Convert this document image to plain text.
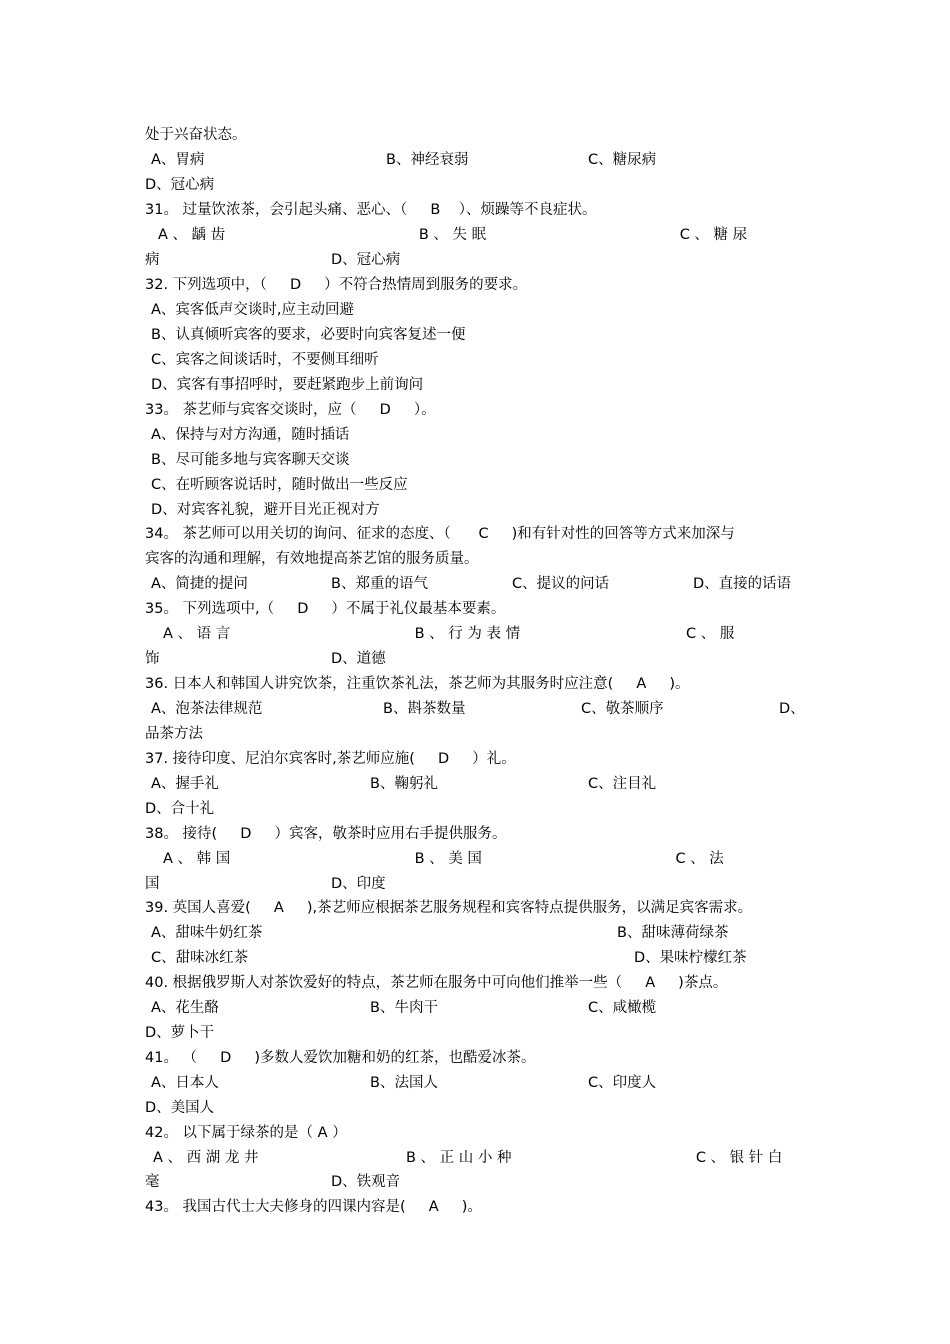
处于兴奋状态。
A、胃病	B、神经衰弱	C、糖尿病
D、冠心病
31。 过量饮浓茶，会引起头痛、恶心、（     B    ）、烦躁等不良症状。
A 、 龋 齿                                          B 、 失 眠                                          C 、 糖 尿
病	D、冠心病
32. 下列选项中，（     D     ）不符合热情周到服务的要求。
A、宾客低声交谈时,应主动回避
B、认真倾听宾客的要求，必要时向宾客复述一便
C、宾客之间谈话时，不要侧耳细听
D、宾客有事招呼时，要赶紧跑步上前询问
33。 茶艺师与宾客交谈时，应（     D     ）。
A、保持与对方沟通，随时插话
B、尽可能多地与宾客聊天交谈
C、在听顾客说话时，随时做出一些反应
D、对宾客礼貌，避开目光正视对方
34。 茶艺师可以用关切的询问、征求的态度、（      C     )和有针对性的回答等方式来加深与
宾客的沟通和理解，有效地提高茶艺馆的服务质量。
A、简捷的提问	B、郑重的语气	C、提议的问话	D、直接的话语
35。 下列选项中,（     D     ）不属于礼仪最基本要素。
A 、 语 言                                        B 、 行 为 表 情                                    C 、 服
饰	D、道德
36. 日本人和韩国人讲究饮茶，注重饮茶礼法，茶艺师为其服务时应注意(     A     )。
A、泡茶法律规范	B、斟茶数量	C、敬茶顺序	D、
品茶方法
37. 接待印度、尼泊尔宾客时,茶艺师应施(     D     ）礼。
A、握手礼	B、鞠躬礼	C、注目礼
D、合十礼
38。 接待(     D     ）宾客，敬茶时应用右手提供服务。
A 、 韩 国                                        B 、 美 国                                          C 、 法
国	D、印度
39. 英国人喜爱(     A     ),茶艺师应根据茶艺服务规程和宾客特点提供服务，以满足宾客需求。
A、甜味牛奶红茶	B、甜味薄荷绿茶
C、甜味冰红茶	D、果味柠檬红茶
40. 根据俄罗斯人对茶饮爱好的特点，茶艺师在服务中可向他们推举一些（     A     )茶点。
A、花生酪	B、牛肉干	C、咸橄榄
D、萝卜干
41。 （     D     )多数人爱饮加糖和奶的红茶，也酷爱冰茶。
A、日本人	B、法国人	C、印度人
D、美国人
42。 以下属于绿茶的是（ A ）
A 、 西 湖 龙 井                                B 、 正 山 小 种                                        C 、 银 针 白
毫	D、铁观音
43。 我国古代士大夫修身的四课内容是(     A     )。
